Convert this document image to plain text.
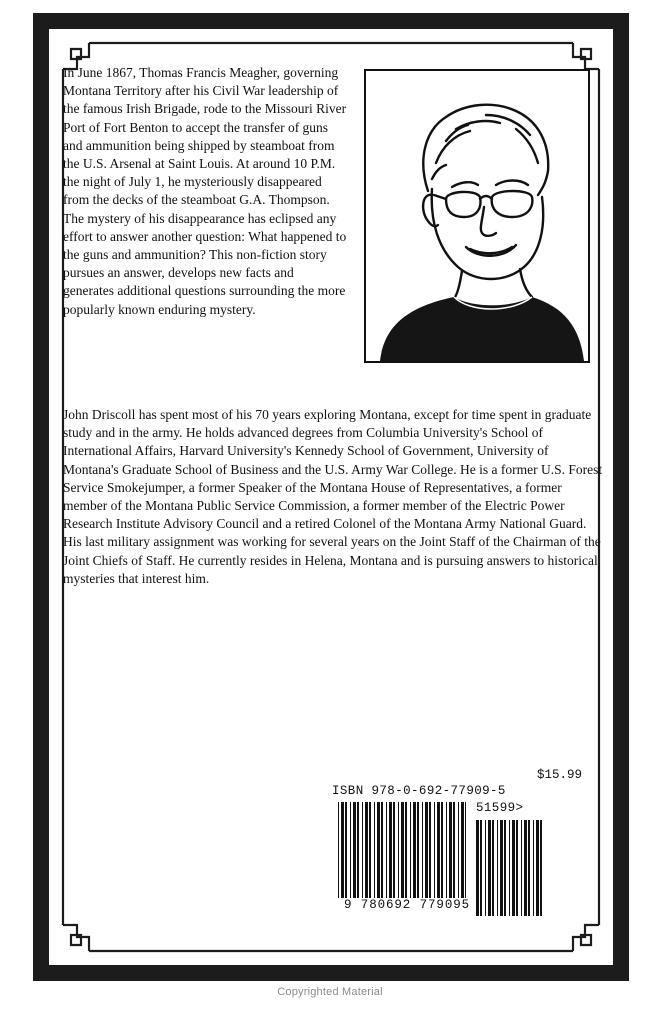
In June 1867, Thomas Francis Meagher, governing Montana Territory after his Civil War leadership of the famous Irish Brigade, rode to the Missouri River Port of Fort Benton to accept the transfer of guns and ammunition being shipped by steamboat from the U.S. Arsenal at Saint Louis. At around 10 P.M. the night of July 1, he mysteriously disappeared from the decks of the steamboat G.A. Thompson. The mystery of his disappearance has eclipsed any effort to answer another question: What happened to the guns and ammunition? This non-fiction story pursues an answer, develops new facts and generates additional questions surrounding the more popularly known enduring mystery.

John Driscoll has spent most of his 70 years exploring Montana, except for time spent in graduate study and in the army. He holds advanced degrees from Columbia University's School of International Affairs, Harvard University's Kennedy School of Government, University of Montana's Graduate School of Business and the U.S. Army War College. He is a former U.S. Forest Service Smokejumper, a former Speaker of the Montana House of Representatives, a former member of the Montana Public Service Commission, a former member of the Electric Power Research Institute Advisory Council and a retired Colonel of the Montana Army National Guard. His last military assignment was working for several years on the Joint Staff of the Chairman of the Joint Chiefs of Staff. He currently resides in Helena, Montana and is pursuing answers to historical mysteries that interest him.

$15.99
ISBN 978-0-692-77909-5
51599>
9 780692 779095
Copyrighted Material
